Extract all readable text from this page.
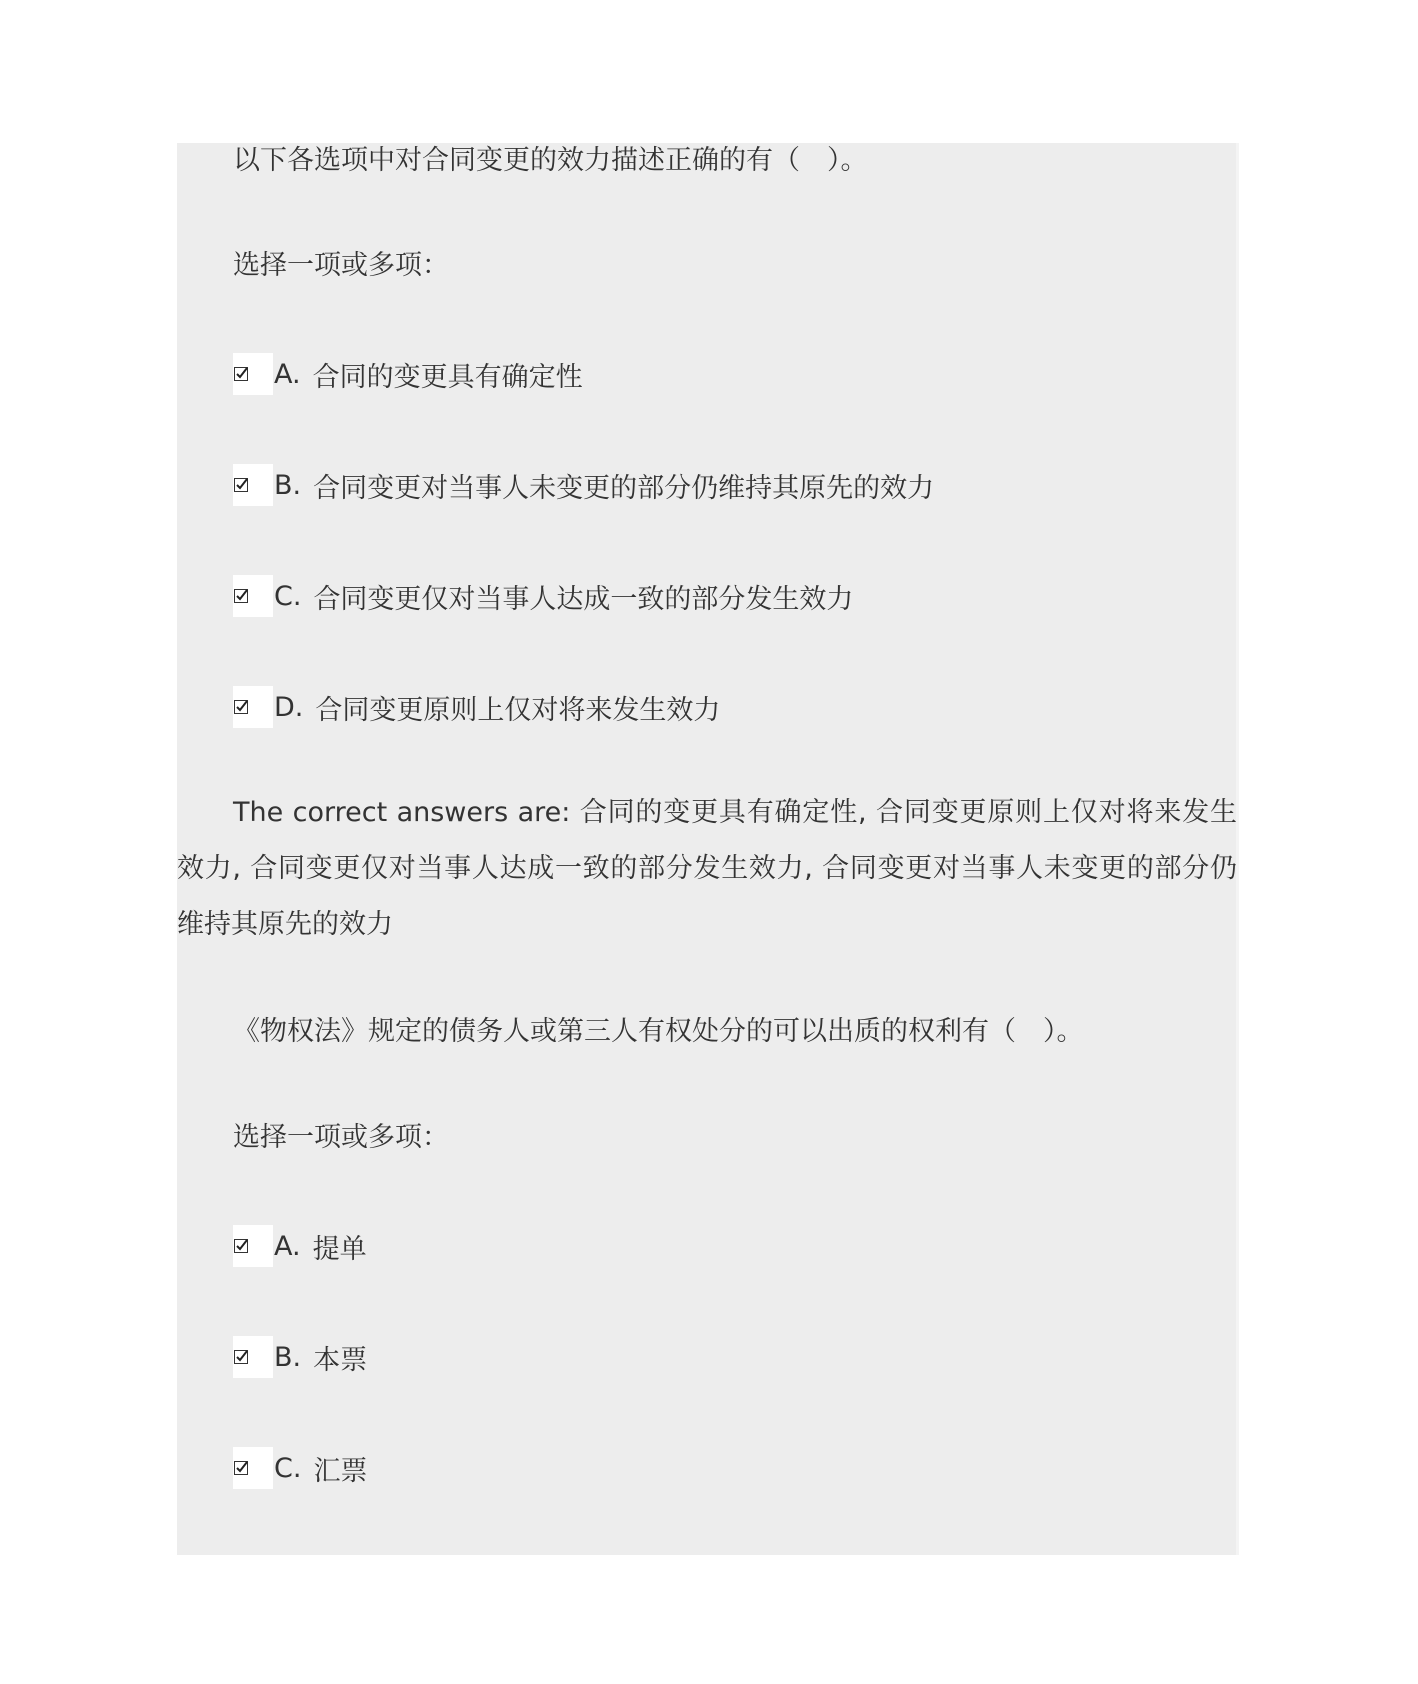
以下各选项中对合同变更的效力描述正确的有（　）。
选择一项或多项：
A. 合同的变更具有确定性
B. 合同变更对当事人未变更的部分仍维持其原先的效力
C. 合同变更仅对当事人达成一致的部分发生效力
D. 合同变更原则上仅对将来发生效力
The correct answers are: 合同的变更具有确定性, 合同变更原则上仅对将来发生效力, 合同变更仅对当事人达成一致的部分发生效力, 合同变更对当事人未变更的部分仍维持其原先的效力
《物权法》规定的债务人或第三人有权处分的可以出质的权利有（　）。
选择一项或多项：
A. 提单
B. 本票
C. 汇票
